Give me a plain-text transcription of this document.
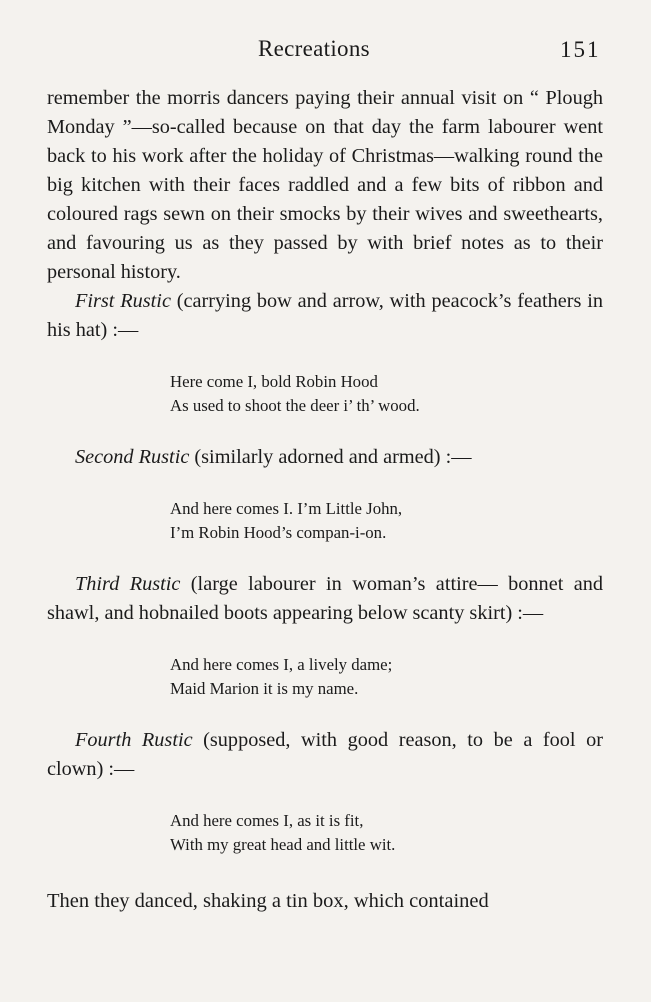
Recreations	151

remember the morris dancers paying their annual visit on “ Plough Monday ”—so-called because on that day the farm labourer went back to his work after the holiday of Christmas—walking round the big kitchen with their faces raddled and a few bits of ribbon and coloured rags sewn on their smocks by their wives and sweethearts, and favouring us as they passed by with brief notes as to their personal history.

First Rustic (carrying bow and arrow, with peacock’s feathers in his hat) :—

Here come I, bold Robin Hood
As used to shoot the deer i’ th’ wood.

Second Rustic (similarly adorned and armed) :—

And here comes I. I’m Little John,
I’m Robin Hood’s compan-i-on.

Third Rustic (large labourer in woman’s attire— bonnet and shawl, and hobnailed boots appearing below scanty skirt) :—

And here comes I, a lively dame;
Maid Marion it is my name.

Fourth Rustic (supposed, with good reason, to be a fool or clown) :—

And here comes I, as it is fit,
With my great head and little wit.

Then they danced, shaking a tin box, which contained
